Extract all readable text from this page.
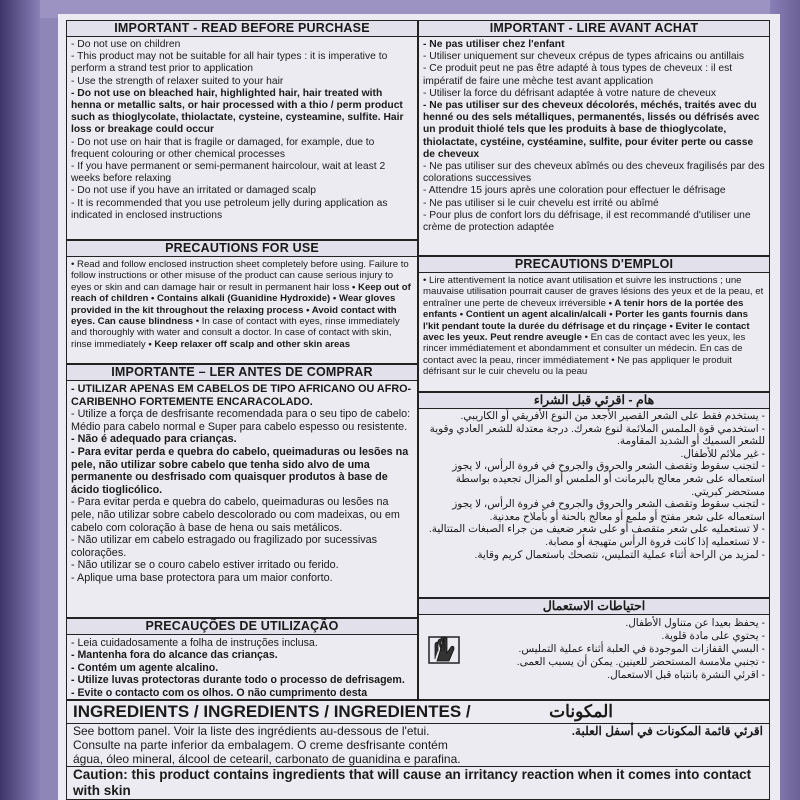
IMPORTANT - READ BEFORE PURCHASE
- Do not use on children
- This product may not be suitable for all hair types : it is imperative to perform a strand test prior to application
- Use the strength of relaxer suited to your hair
- Do not use on bleached hair, highlighted hair, hair treated with henna or metallic salts, or hair processed with a thio / perm product such as thioglycolate, thiolactate, cysteine, cysteamine, sulfite. Hair loss or breakage could occur
- Do not use on hair that is fragile or damaged, for example, due to frequent colouring or other chemical processes
- If you have permanent or semi-permanent haircolour, wait at least 2 weeks before relaxing
- Do not use if you have an irritated or damaged scalp
- It is recommended that you use petroleum jelly during application as indicated in enclosed instructions
PRECAUTIONS FOR USE
• Read and follow enclosed instruction sheet completely before using. Failure to follow instructions or other misuse of the product can cause serious injury to eyes or skin and can damage hair or result in permanent hair loss • Keep out of reach of children • Contains alkali (Guanidine Hydroxide) • Wear gloves provided in the kit throughout the relaxing process • Avoid contact with eyes. Can cause blindness • In case of contact with eyes, rinse immediately and thoroughly with water and consult a doctor. In case of contact with skin, rinse immediately • Keep relaxer off scalp and other skin areas
IMPORTANTE – LER ANTES DE COMPRAR
- UTILIZAR APENAS EM CABELOS DE TIPO AFRICANO OU AFRO-CARIBENHO FORTEMENTE ENCARACOLADO.
- Utilize a força de desfrisante recomendada para o seu tipo de cabelo: Médio para cabelo normal e Super para cabelo espesso ou resistente.
- Não é adequado para crianças.
- Para evitar perda e quebra do cabelo, queimaduras ou lesões na pele, não utilizar sobre cabelo que tenha sido alvo de uma permanente ou desfrisado com quaisquer produtos à base de ácido tioglicólico.
- Para evitar perda e quebra do cabelo, queimaduras ou lesões na pele, não utilizar sobre cabelo descolorado ou com madeixas, ou em cabelo com coloração à base de hena ou sais metálicos.
- Não utilizar em cabelo estragado ou fragilizado por sucessivas colorações.
- Não utilizar se o couro cabelo estiver irritado ou ferido.
- Aplique uma base protectora para um maior conforto.
PRECAUÇÕES DE UTILIZAÇÃO
- Leia cuidadosamente a folha de instruções inclusa.
- Mantenha fora do alcance das crianças.
- Contém um agente alcalino.
- Utilize luvas protectoras durante todo o processo de defrisagem.
- Evite o contacto com os olhos. O não cumprimento desta
IMPORTANT - LIRE AVANT ACHAT
- Ne pas utiliser chez l'enfant
- Utiliser uniquement sur cheveux crépus de types africains ou antillais
- Ce produit peut ne pas être adapté à tous types de cheveux : il est impératif de faire une mèche test avant application
- Utiliser la force du défrisant adaptée à votre nature de cheveux
- Ne pas utiliser sur des cheveux décolorés, méchés, traités avec du henné ou des sels métalliques, permanentés, lissés ou défrisés avec un produit thiolé tels que les produits à base de thioglycolate, thiolactate, cystéine, cystéamine, sulfite, pour éviter perte ou casse de cheveux
- Ne pas utiliser sur des cheveux abîmés ou des cheveux fragilisés par des colorations successives
- Attendre 15 jours après une coloration pour effectuer le défrisage
- Ne pas utiliser si le cuir chevelu est irrité ou abîmé
- Pour plus de confort lors du défrisage, il est recommandé d'utiliser une crème de protection adaptée
PRECAUTIONS D'EMPLOI
• Lire attentivement la notice avant utilisation et suivre les instructions ; une mauvaise utilisation pourrait causer de graves lésions des yeux et de la peau, et entraîner une perte de cheveux irréversible • A tenir hors de la portée des enfants • Contient un agent alcalin/alcali • Porter les gants fournis dans l'kit pendant toute la durée du défrisage et du rinçage • Eviter le contact avec les yeux. Peut rendre aveugle • En cas de contact avec les yeux, les rincer immédiatement et abondamment et consulter un médecin. En cas de contact avec la peau, rincer immédiatement • Ne pas appliquer le produit défrisant sur le cuir chevelu ou la peau
هام - اقرئي قبل الشراء
- يستخدم فقط على الشعر القصير الأجعد من النوع الأفريقي أو الكاريبي.
- استخدمي قوة الملمس الملائمة لنوع شعرك. درجة معتدلة للشعر العادي وقوية للشعر السميك أو الشديد المقاومة.
- غير ملائم للأطفال.
- لتجنب سقوط وتقصف الشعر والحروق والجروح في فروة الرأس، لا يجوز استعماله على شعر معالج بالبرمانت أو الملمس أو المزال تجعيده بواسطة مستحضر كبريتي.
- لتجنب سقوط وتقصف الشعر والحروق والجروح في فروة الرأس، لا يجوز استعماله على شعر مفتح أو ملمع أو معالج بالحنة أو بأملاح معدنية.
- لا تستعمليه على شعر متقصف أو على شعر ضعيف من جراء الصبغات المتتالية.
- لا تستعمليه إذا كانت فروة الرأس متهيجة أو مصابة.
- لمزيد من الراحة أثناء عملية التمليس، نتصحك باستعمال كريم وقاية.
احتياطات الاستعمال
- يحفظ بعيدا عن متناول الأطفال.
- يحتوي على مادة قلوية.
- البسي القفازات الموجودة في العلبة أثناء عملية التمليس.
- تجنبي ملامسة المستحضر للعينين. يمكن أن يسبب العمى.
- اقرئي النشرة بانتباه قبل الاستعمال.
INGREDIENTS / INGREDIENTS / INGREDIENTES /	المكونات
See bottom panel. Voir la liste des ingrédients au-dessous de l'etui.	اقرئي قائمة المكونات في أسفل العلبة.
Consulte na parte inferior da embalagem. O creme desfrisante contém
água, óleo mineral, álcool de cetearil, carbonato de guanidina e parafina.
Caution: this product contains ingredients that will cause an irritancy reaction when it comes into contact with skin
